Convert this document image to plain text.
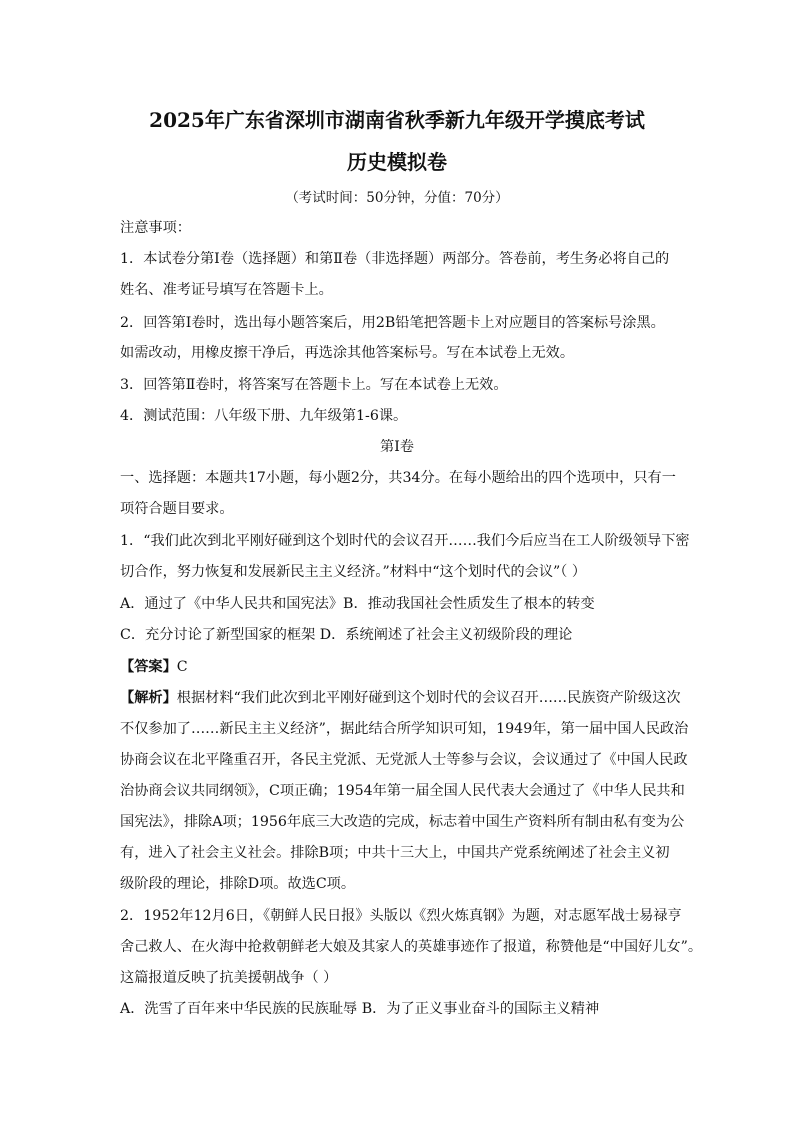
2025年广东省深圳市湖南省秋季新九年级开学摸底考试
历史模拟卷
（考试时间：50分钟，分值：70分）
注意事项：
1．本试卷分第Ⅰ卷（选择题）和第Ⅱ卷（非选择题）两部分。答卷前，考生务必将自己的
姓名、准考证号填写在答题卡上。
2．回答第Ⅰ卷时，选出每小题答案后，用2B铅笔把答题卡上对应题目的答案标号涂黑。
如需改动，用橡皮擦干净后，再选涂其他答案标号。写在本试卷上无效。
3．回答第Ⅱ卷时，将答案写在答题卡上。写在本试卷上无效。
4．测试范围：八年级下册、九年级第1-6课。
第Ⅰ卷
一、选择题：本题共17小题，每小题2分，共34分。在每小题给出的四个选项中，只有一
项符合题目要求。
1．“我们此次到北平刚好碰到这个划时代的会议召开……我们今后应当在工人阶级领导下密
切合作，努力恢复和发展新民主主义经济。”材料中“这个划时代的会议”（ ）
A．通过了《中华人民共和国宪法》B．推动我国社会性质发生了根本的转变
C．充分讨论了新型国家的框架 D．系统阐述了社会主义初级阶段的理论
【答案】C
【解析】根据材料“我们此次到北平刚好碰到这个划时代的会议召开……民族资产阶级这次
不仅参加了……新民主主义经济”，据此结合所学知识可知，1949年，第一届中国人民政治
协商会议在北平隆重召开，各民主党派、无党派人士等参与会议，会议通过了《中国人民政
治协商会议共同纲领》，C项正确；1954年第一届全国人民代表大会通过了《中华人民共和
国宪法》，排除A项；1956年底三大改造的完成，标志着中国生产资料所有制由私有变为公
有，进入了社会主义社会。排除B项；中共十三大上，中国共产党系统阐述了社会主义初
级阶段的理论，排除D项。故选C项。
2．1952年12月6日，《朝鲜人民日报》头版以《烈火炼真钢》为题，对志愿军战士易禄亨
舍己救人、在火海中抢救朝鲜老大娘及其家人的英雄事迹作了报道，称赞他是“中国好儿女”。
这篇报道反映了抗美援朝战争（ ）
A．洗雪了百年来中华民族的民族耻辱 B．为了正义事业奋斗的国际主义精神
